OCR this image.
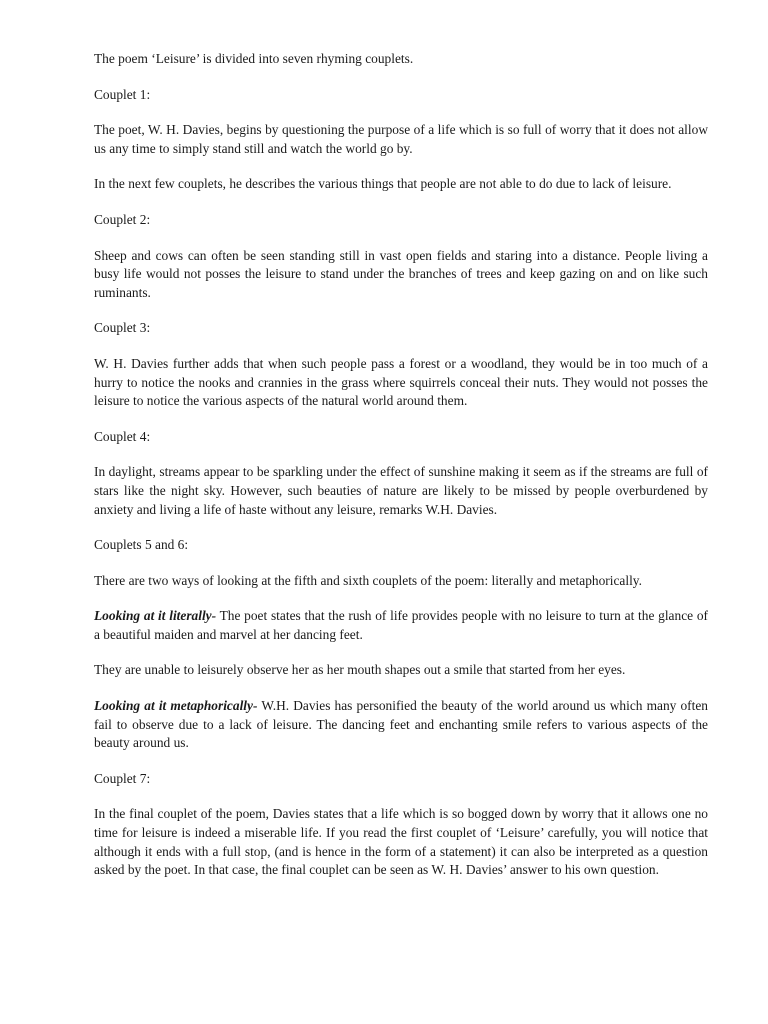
The poem ‘Leisure’ is divided into seven rhyming couplets.

Couplet 1:

The poet, W. H. Davies, begins by questioning the purpose of a life which is so full of worry that it does not allow us any time to simply stand still and watch the world go by.

In the next few couplets, he describes the various things that people are not able to do due to lack of leisure.

Couplet 2:

Sheep and cows can often be seen standing still in vast open fields and staring into a distance. People living a busy life would not posses the leisure to stand under the branches of trees and keep gazing on and on like such ruminants.

Couplet 3:

W. H. Davies further adds that when such people pass a forest or a woodland, they would be in too much of a hurry to notice the nooks and crannies in the grass where squirrels conceal their nuts. They would not posses the leisure to notice the various aspects of the natural world around them.

Couplet 4:

In daylight, streams appear to be sparkling under the effect of sunshine making it seem as if the streams are full of stars like the night sky. However, such beauties of nature are likely to be missed by people overburdened by anxiety and living a life of haste without any leisure, remarks W.H. Davies.

Couplets 5 and 6:

There are two ways of looking at the fifth and sixth couplets of the poem: literally and metaphorically.

Looking at it literally- The poet states that the rush of life provides people with no leisure to turn at the glance of a beautiful maiden and marvel at her dancing feet.

They are unable to leisurely observe her as her mouth shapes out a smile that started from her eyes.

Looking at it metaphorically- W.H. Davies has personified the beauty of the world around us which many often fail to observe due to a lack of leisure. The dancing feet and enchanting smile refers to various aspects of the beauty around us.

Couplet 7:

In the final couplet of the poem, Davies states that a life which is so bogged down by worry that it allows one no time for leisure is indeed a miserable life. If you read the first couplet of ‘Leisure’ carefully, you will notice that although it ends with a full stop, (and is hence in the form of a statement) it can also be interpreted as a question asked by the poet. In that case, the final couplet can be seen as W. H. Davies’ answer to his own question.
